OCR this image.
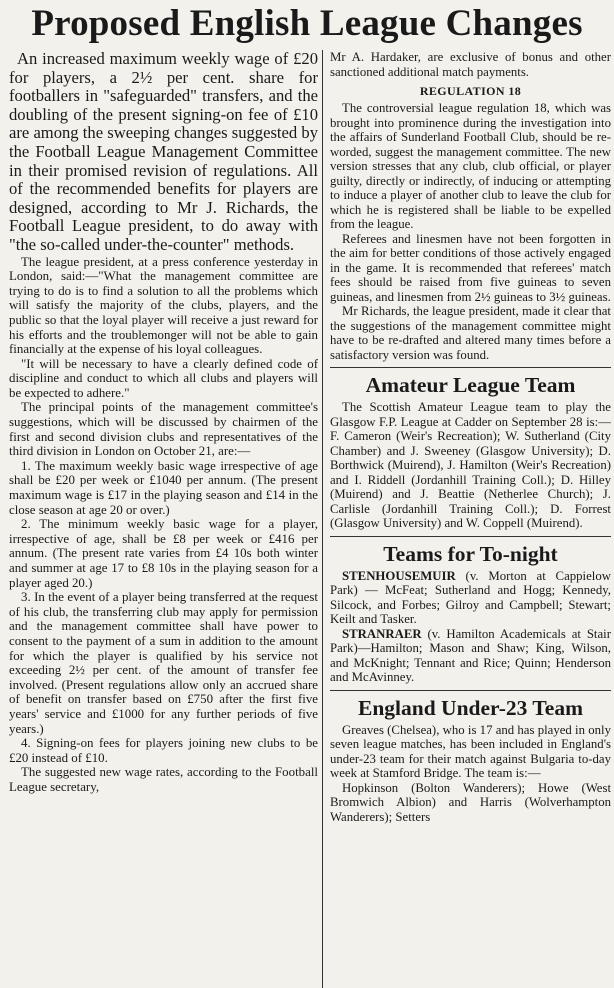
Proposed English League Changes

An increased maximum weekly wage of £20 for players, a 2½ per cent. share for footballers in "safeguarded" transfers, and the doubling of the present signing-on fee of £10 are among the sweeping changes suggested by the Football League Management Committee in their promised revision of regulations. All of the recommended benefits for players are designed, according to Mr J. Richards, the Football League president, to do away with "the so-called under-the-counter" methods.

The league president, at a press conference yesterday in London, said:—"What the management committee are trying to do is to find a solution to all the problems which will satisfy the majority of the clubs, players, and the public so that the loyal player will receive a just reward for his efforts and the troublemonger will not be able to gain financially at the expense of his loyal colleagues.

"It will be necessary to have a clearly defined code of discipline and conduct to which all clubs and players will be expected to adhere."

The principal points of the management committee's suggestions, which will be discussed by chairmen of the first and second division clubs and representatives of the third division in London on October 21, are:—

1. The maximum weekly basic wage irrespective of age shall be £20 per week or £1040 per annum. (The present maximum wage is £17 in the playing season and £14 in the close season at age 20 or over.)

2. The minimum weekly basic wage for a player, irrespective of age, shall be £8 per week or £416 per annum. (The present rate varies from £4 10s both winter and summer at age 17 to £8 10s in the playing season for a player aged 20.)

3. In the event of a player being transferred at the request of his club, the transferring club may apply for permission and the management committee shall have power to consent to the payment of a sum in addition to the amount for which the player is qualified by his service not exceeding 2½ per cent. of the amount of transfer fee involved. (Present regulations allow only an accrued share of benefit on transfer based on £750 after the first five years' service and £1000 for any further periods of five years.)

4. Signing-on fees for players joining new clubs to be £20 instead of £10.

The suggested new wage rates, according to the Football League secretary,

Mr A. Hardaker, are exclusive of bonus and other sanctioned additional match payments.

REGULATION 18

The controversial league regulation 18, which was brought into prominence during the investigation into the affairs of Sunderland Football Club, should be re-worded, suggest the management committee. The new version stresses that any club, club official, or player guilty, directly or indirectly, of inducing or attempting to induce a player of another club to leave the club for which he is registered shall be liable to be expelled from the league.

Referees and linesmen have not been forgotten in the aim for better conditions of those actively engaged in the game. It is recommended that referees' match fees should be raised from five guineas to seven guineas, and linesmen from 2½ guineas to 3½ guineas.

Mr Richards, the league president, made it clear that the suggestions of the management committee might have to be re-drafted and altered many times before a satisfactory version was found.

Amateur League Team

The Scottish Amateur League team to play the Glasgow F.P. League at Cadder on September 28 is:—F. Cameron (Weir's Recreation); W. Sutherland (City Chamber) and J. Sweeney (Glasgow University); D. Borthwick (Muirend), J. Hamilton (Weir's Recreation) and I. Riddell (Jordanhill Training Coll.); D. Hilley (Muirend) and J. Beattie (Netherlee Church); J. Carlisle (Jordanhill Training Coll.); D. Forrest (Glasgow University) and W. Coppell (Muirend).

Teams for To-night

STENHOUSEMUIR (v. Morton at Cappielow Park) — McFeat; Sutherland and Hogg; Kennedy, Silcock, and Forbes; Gilroy and Campbell; Stewart; Keilt and Tasker.

STRANRAER (v. Hamilton Academicals at Stair Park)—Hamilton; Mason and Shaw; King, Wilson, and McKnight; Tennant and Rice; Quinn; Henderson and McAvinney.

England Under-23 Team

Greaves (Chelsea), who is 17 and has played in only seven league matches, has been included in England's under-23 team for their match against Bulgaria to-day week at Stamford Bridge. The team is:—

Hopkinson (Bolton Wanderers); Howe (West Bromwich Albion) and Harris (Wolverhampton Wanderers); Setters
